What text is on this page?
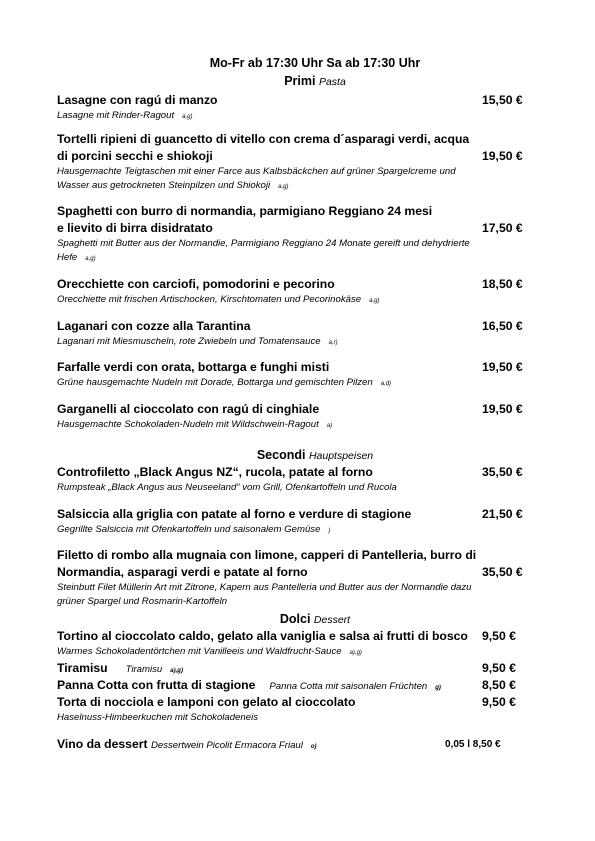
Mo-Fr ab 17:30 Uhr Sa ab 17:30 Uhr
Primi Pasta
Lasagne con ragú di manzo
Lasagne mit Rinder-Ragout a,g)
15,50 €
Tortelli ripieni di guancetto di vitello con crema d´asparagi verdi, acqua
di porcini secchi e shiokoji
Hausgemachte Teigtaschen mit einer Farce aus Kalbsbäckchen auf grüner Spargelcreme und
Wasser aus getrockneten Steinpilzen und Shiokoji a,g)
19,50 €
Spaghetti con burro di normandia, parmigiano Reggiano 24 mesi
e lievito di birra disidratato
Spaghetti mit Butter aus der Normandie, Parmigiano Reggiano 24 Monate gereift und dehydrierte
Hefe a,g)
17,50 €
Orecchiette con carciofi, pomodorini e pecorino
Orecchiette mit frischen Artischocken, Kirschtomaten und Pecorinokäse a,g)
18,50 €
Laganari con cozze alla Tarantina
Laganari mit Miesmuscheln, rote Zwiebeln und Tomatensauce a,r)
16,50 €
Farfalle verdi con orata, bottarga e funghi misti
Grüne hausgemachte Nudeln mit Dorade, Bottarga und gemischten Pilzen a,d)
19,50 €
Garganelli al cioccolato con ragú di cinghiale
Hausgemachte Schokoladen-Nudeln mit Wildschwein-Ragout a)
19,50 €
Secondi Hauptspeisen
Controfiletto „Black Angus NZ“, rucola, patate al forno
Rumpsteak „Black Angus aus Neuseeland“ vom Grill, Ofenkartoffeln und Rucola
35,50 €
Salsiccia alla griglia con patate al forno e verdure di stagione
Gegrillte Salsiccia mit Ofenkartoffeln und saisonalem Gemüse )
21,50 €
Filetto di rombo alla mugnaia con limone, capperi di Pantelleria, burro di
Normandia, asparagi verdi e patate al forno
Steinbutt Filet Müllerin Art mit Zitrone, Kapern aus Pantelleria und Butter aus der Normandie dazu
grüner Spargel und Rosmarin-Kartoffeln
35,50 €
Dolci Dessert
Tortino al cioccolato caldo, gelato alla vaniglia e salsa ai frutti di bosco
Warmes Schokoladentörtchen mit Vanilleeis und Waldfrucht-Sauce a),g)
9,50 €
Tiramisu Tiramisu a),g)	9,50 €
Panna Cotta con frutta di stagione Panna Cotta mit saisonalen Früchten g)	8,50 €
Torta di nocciola e lamponi con gelato al cioccolato
Haselnuss-Himbeerkuchen mit Schokoladeneis
9,50 €
Vino da dessert Dessertwein Picolit Ermacora Friaul o)	0,05 l 8,50 €
